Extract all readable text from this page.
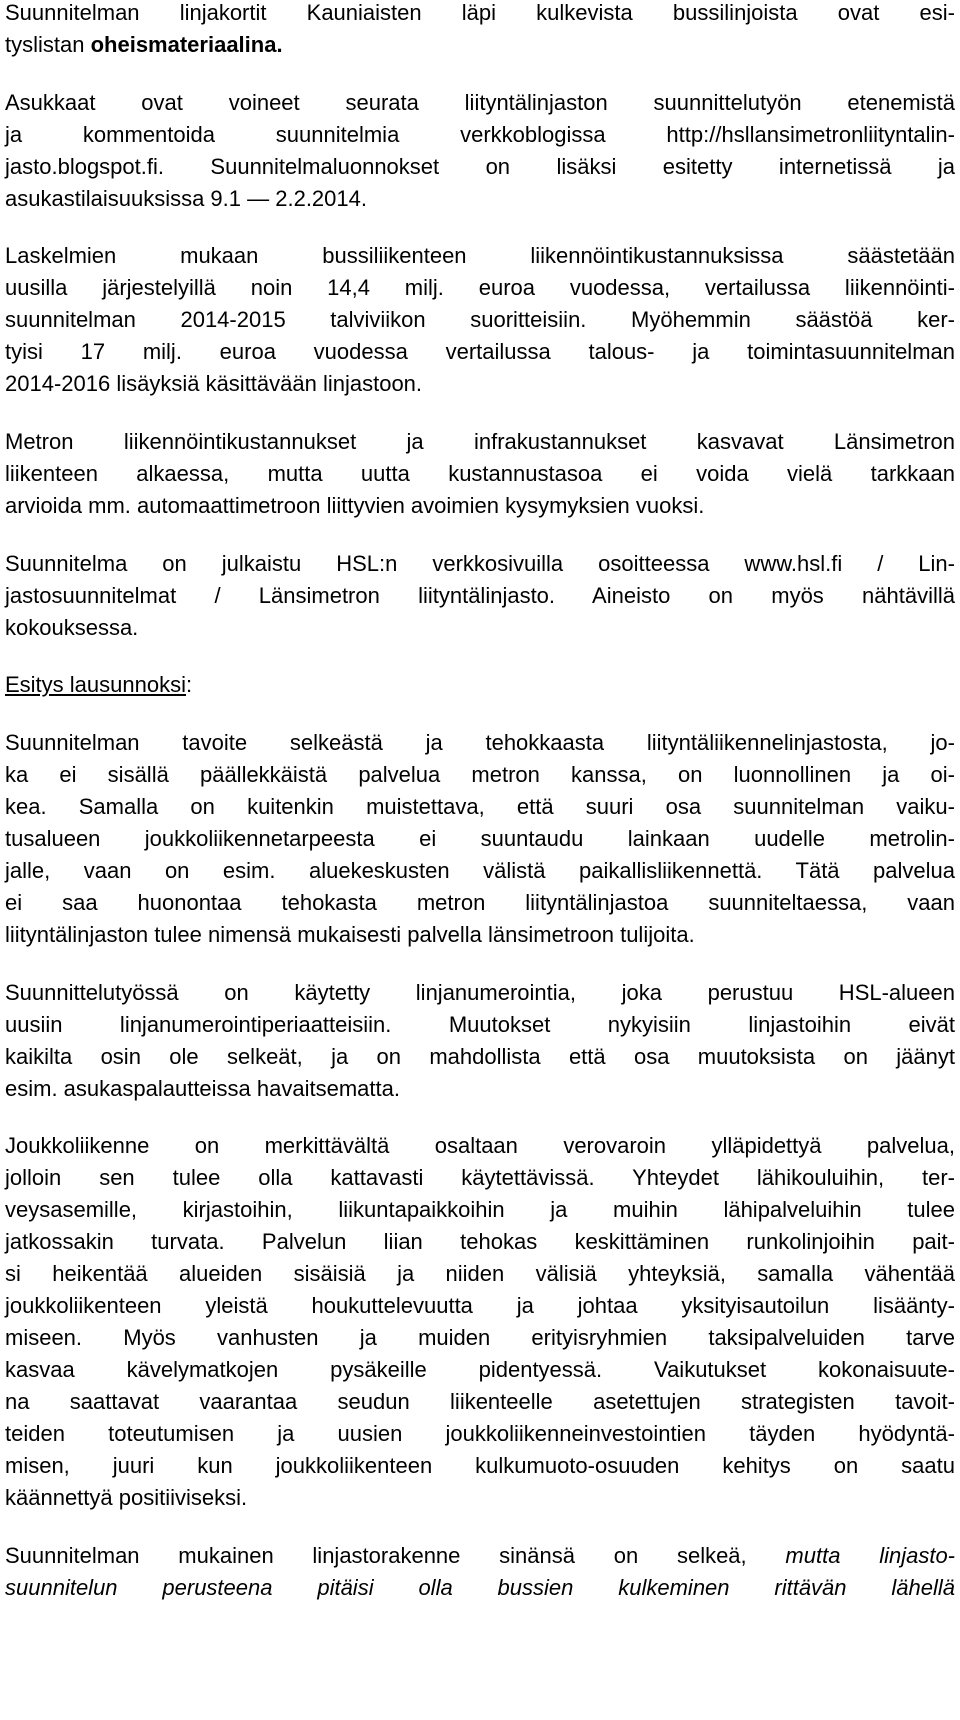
Suunnitelman linjakortit Kauniaisten läpi kulkevista bussilinjoista ovat esi-
tyslistan oheismateriaalina.
Asukkaat ovat voineet seurata liityntälinjaston suunnittelutyön etenemistä
ja kommentoida suunnitelmia verkkoblogissa http://hsllansimetronliityntalin-
jasto.blogspot.fi. Suunnitelmaluonnokset on lisäksi esitetty internetissä ja
asukastilaisuuksissa 9.1 — 2.2.2014.
Laskelmien mukaan bussiliikenteen liikennöintikustannuksissa säästetään
uusilla järjestelyillä noin 14,4 milj. euroa vuodessa, vertailussa liikennöinti-
suunnitelman 2014-2015 talviviikon suoritteisiin. Myöhemmin säästöä ker-
tyisi 17 milj. euroa vuodessa vertailussa talous- ja toimintasuunnitelman
2014-2016 lisäyksiä käsittävään linjastoon.
Metron liikennöintikustannukset ja infrakustannukset kasvavat Länsimetron
liikenteen alkaessa, mutta uutta kustannustasoa ei voida vielä tarkkaan
arvioida mm. automaattimetroon liittyvien avoimien kysymyksien vuoksi.
Suunnitelma on julkaistu HSL:n verkkosivuilla osoitteessa www.hsl.fi / Lin-
jastosuunnitelmat / Länsimetron liityntälinjasto. Aineisto on myös nähtävillä
kokouksessa.
Esitys lausunnoksi:
Suunnitelman tavoite selkeästä ja tehokkaasta liityntäliikennelinjastosta, jo-
ka ei sisällä päällekkäistä palvelua metron kanssa, on luonnollinen ja oi-
kea. Samalla on kuitenkin muistettava, että suuri osa suunnitelman vaiku-
tusalueen joukkoliikennetarpeesta ei suuntaudu lainkaan uudelle metrolin-
jalle, vaan on esim. aluekeskusten välistä paikallisliikennettä. Tätä palvelua
ei saa huonontaa tehokasta metron liityntälinjastoa suunniteltaessa, vaan
liityntälinjaston tulee nimensä mukaisesti palvella länsimetroon tulijoita.
Suunnittelutyössä on käytetty linjanumerointia, joka perustuu HSL-alueen
uusiin linjanumerointiperiaatteisiin. Muutokset nykyisiin linjastoihin eivät
kaikilta osin ole selkeät, ja on mahdollista että osa muutoksista on jäänyt
esim. asukaspalautteissa havaitsematta.
Joukkoliikenne on merkittävältä osaltaan verovaroin ylläpidettyä palvelua,
jolloin sen tulee olla kattavasti käytettävissä. Yhteydet lähikouluihin, ter-
veysasemille, kirjastoihin, liikuntapaikkoihin ja muihin lähipalveluihin tulee
jatkossakin turvata. Palvelun liian tehokas keskittäminen runkolinjoihin pait-
si heikentää alueiden sisäisiä ja niiden välisiä yhteyksiä, samalla vähentää
joukkoliikenteen yleistä houkuttelevuutta ja johtaa yksityisautoilun lisäänty-
miseen. Myös vanhusten ja muiden erityisryhmien taksipalveluiden tarve
kasvaa kävelymatkojen pysäkeille pidentyessä. Vaikutukset kokonaisuute-
na saattavat vaarantaa seudun liikenteelle asetettujen strategisten tavoit-
teiden toteutumisen ja uusien joukkoliikenneinvestointien täyden hyödyntä-
misen, juuri kun joukkoliikenteen kulkumuoto-osuuden kehitys on saatu
käännettyä positiiviseksi.
Suunnitelman mukainen linjastorakenne sinänsä on selkeä, mutta linjasto-
suunnitelun perusteena pitäisi olla bussien kulkeminen rittävän lähellä
